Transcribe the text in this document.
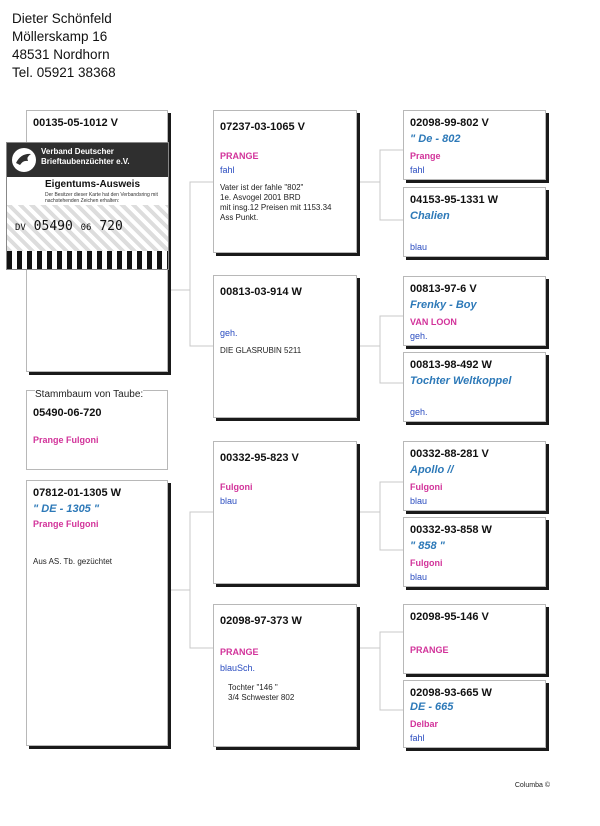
Dieter Schönfeld
Möllerskamp 16
48531 Nordhorn
Tel. 05921 38368
00135-05-1012 V
Verband Deutscher Brieftaubenzüchter e.V.
Eigentums-Ausweis
Der Besitzer dieser Karte hat den Verbandsring mit nachstehenden Zeichen erhalten:
DV 05490 06 720
Stammbaum von Taube:
05490-06-720
Prange Fulgoni
07812-01-1305 W
" DE - 1305 "
Prange Fulgoni
Aus AS. Tb. gezüchtet
07237-03-1065 V
PRANGE
fahl
Vater ist der fahle "802"
1e. Asvogel 2001 BRD
mit insg.12 Preisen mit 1153.34
Ass Punkt.
00813-03-914 W
geh.
DIE GLASRUBIN 5211
00332-95-823 V
Fulgoni
blau
02098-97-373 W
PRANGE
blauSch.
Tochter "146 "
3/4 Schwester 802
02098-99-802 V
" De - 802
Prange
fahl
04153-95-1331 W
Chalien
blau
00813-97-6 V
Frenky - Boy
VAN LOON
geh.
00813-98-492 W
Tochter Weltkoppel
geh.
00332-88-281 V
Apollo //
Fulgoni
blau
00332-93-858 W
" 858 "
Fulgoni
blau
02098-95-146 V
PRANGE
02098-93-665 W
DE - 665
Delbar
fahl
Columba ©
